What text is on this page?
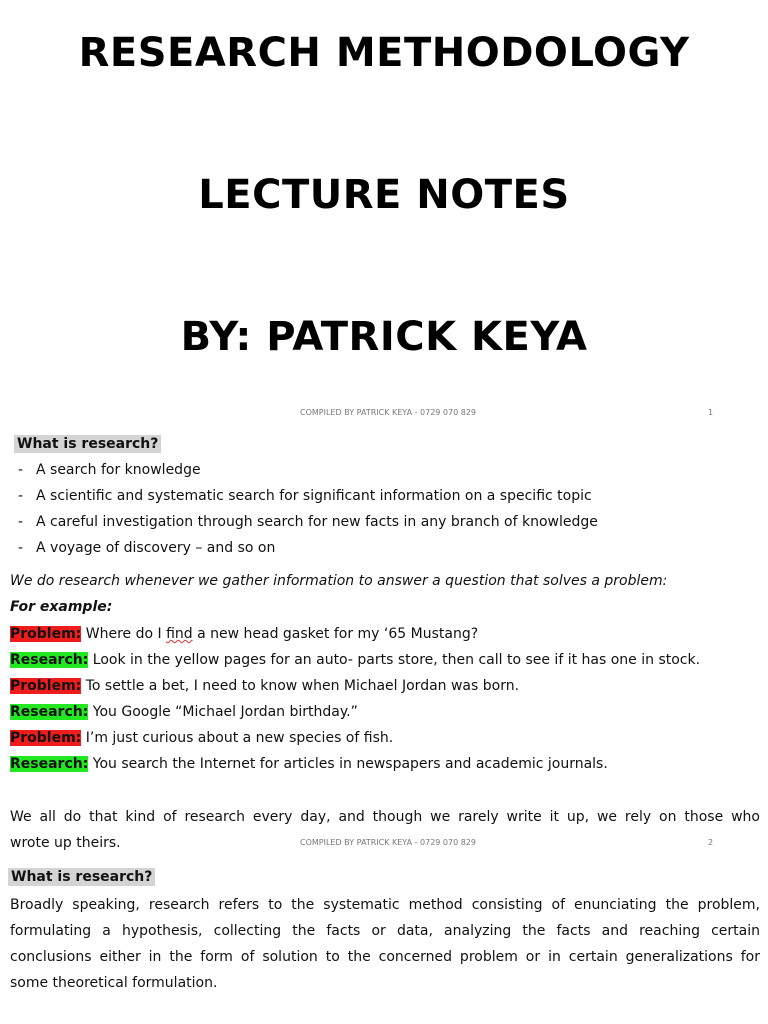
RESEARCH METHODOLOGY
LECTURE NOTES
BY: PATRICK KEYA
COMPILED BY PATRICK KEYA - 0729 070 829	1
What is research?
- A search for knowledge
- A scientific and systematic search for significant information on a specific topic
- A careful investigation through search for new facts in any branch of knowledge
- A voyage of discovery – and so on
We do research whenever we gather information to answer a question that solves a problem:
For example:
Problem: Where do I find a new head gasket for my ‘65 Mustang?
Research: Look in the yellow pages for an auto- parts store, then call to see if it has one in stock.
Problem: To settle a bet, I need to know when Michael Jordan was born.
Research: You Google “Michael Jordan birthday.”
Problem: I’m just curious about a new species of fish.
Research: You search the Internet for articles in newspapers and academic journals.
We all do that kind of research every day, and though we rarely write it up, we rely on those who
wrote up theirs.	COMPILED BY PATRICK KEYA - 0729 070 829	2
What is research?
Broadly speaking, research refers to the systematic method consisting of enunciating the problem,
formulating a hypothesis, collecting the facts or data, analyzing the facts and reaching certain
conclusions either in the form of solution to the concerned problem or in certain generalizations for
some theoretical formulation.
